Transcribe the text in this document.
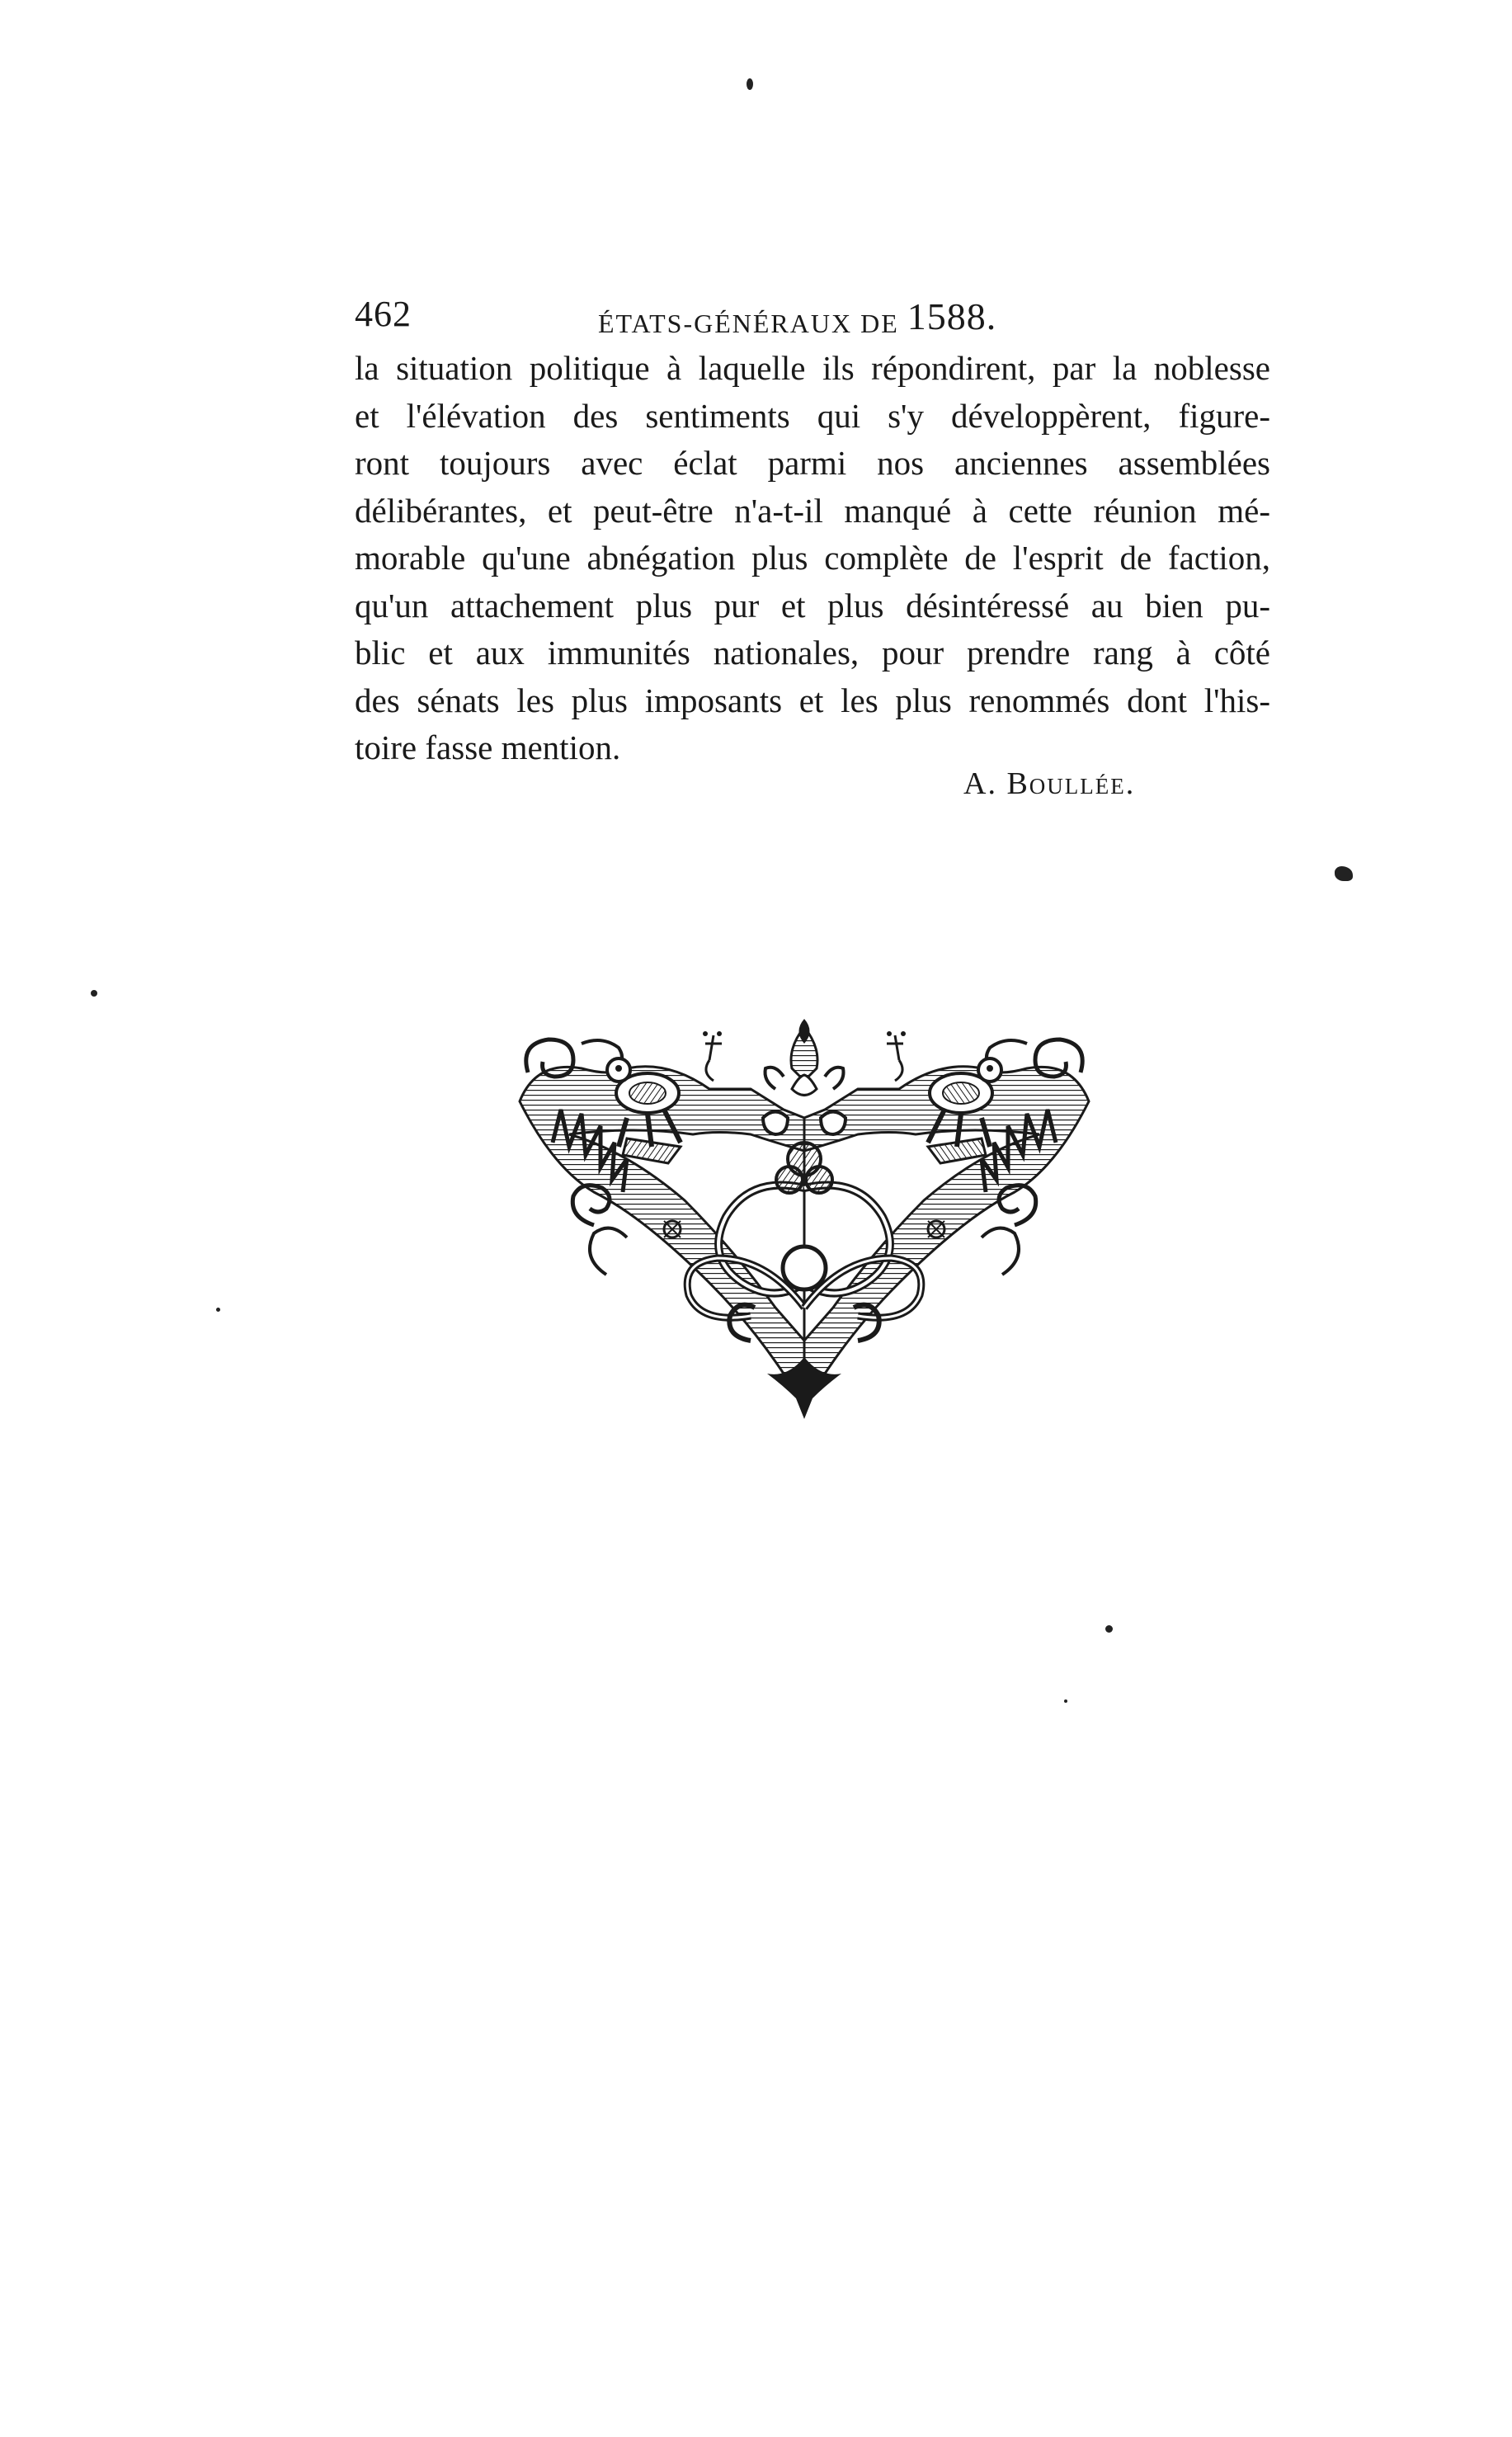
462	ÉTATS-GÉNÉRAUX DE 1588.
la situation politique à laquelle ils répondirent, par la noblesse
et l'élévation des sentiments qui s'y développèrent, figure-
ront toujours avec éclat parmi nos anciennes assemblées
délibérantes, et peut-être n'a-t-il manqué à cette réunion mé-
morable qu'une abnégation plus complète de l'esprit de faction,
qu'un attachement plus pur et plus désintéressé au bien pu-
blic et aux immunités nationales, pour prendre rang à côté
des sénats les plus imposants et les plus renommés dont l'his-
toire fasse mention.
A. Boullée.
